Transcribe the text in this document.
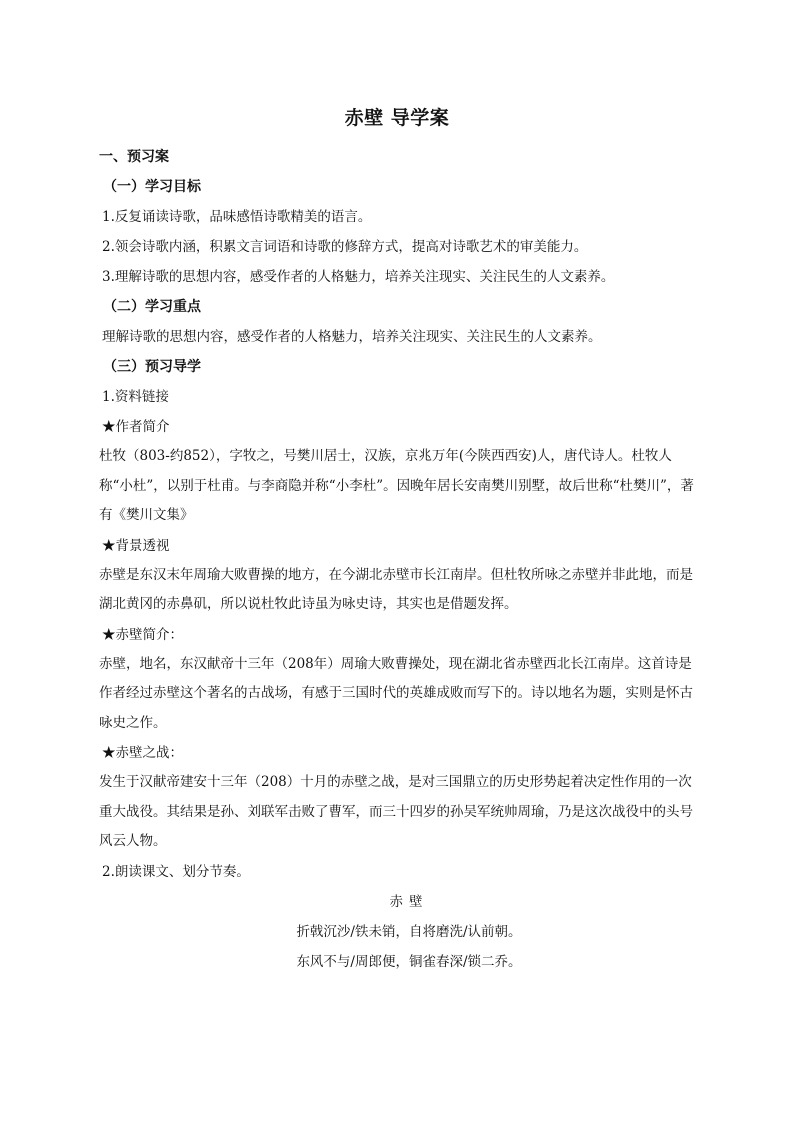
赤壁 导学案

一、预习案

（一）学习目标

1.反复诵读诗歌，品味感悟诗歌精美的语言。

2.领会诗歌内涵，积累文言词语和诗歌的修辞方式，提高对诗歌艺术的审美能力。

3.理解诗歌的思想内容，感受作者的人格魅力，培养关注现实、关注民生的人文素养。

（二）学习重点

理解诗歌的思想内容，感受作者的人格魅力，培养关注现实、关注民生的人文素养。

（三）预习导学

1.资料链接

★作者简介

杜牧（803-约852），字牧之，号樊川居士，汉族，京兆万年(今陕西西安)人，唐代诗人。杜牧人称“小杜”，以别于杜甫。与李商隐并称“小李杜”。因晚年居长安南樊川别墅，故后世称“杜樊川”，著有《樊川文集》

★背景透视

赤壁是东汉末年周瑜大败曹操的地方，在今湖北赤壁市长江南岸。但杜牧所咏之赤壁并非此地，而是湖北黄冈的赤鼻矶，所以说杜牧此诗虽为咏史诗，其实也是借题发挥。

★赤壁简介：

赤壁，地名，东汉献帝十三年（208年）周瑜大败曹操处，现在湖北省赤壁西北长江南岸。这首诗是作者经过赤壁这个著名的古战场，有感于三国时代的英雄成败而写下的。诗以地名为题，实则是怀古咏史之作。

★赤壁之战：

发生于汉献帝建安十三年（208）十月的赤壁之战，是对三国鼎立的历史形势起着决定性作用的一次重大战役。其结果是孙、刘联军击败了曹军，而三十四岁的孙吴军统帅周瑜，乃是这次战役中的头号风云人物。

2.朗读课文、划分节奏。

赤壁

折戟沉沙/铁未销，自将磨洗/认前朝。

东风不与/周郎便，铜雀春深/锁二乔。
